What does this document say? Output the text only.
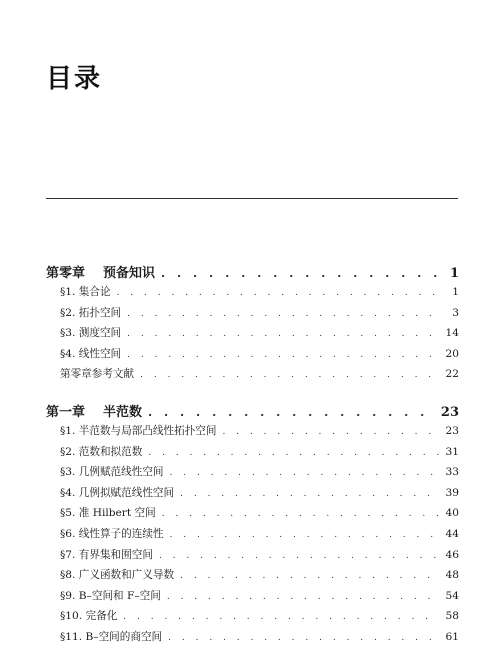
目录
第零章 预备知识 . . .	1
§1. 集合论 . . .	1
§2. 拓扑空间 . . .	3
§3. 测度空间 . . .	14
§4. 线性空间 . . .	20
第零章参考文献 . . .	22
第一章 半范数 . . .	23
§1. 半范数与局部凸线性拓扑空间 . . .	23
§2. 范数和拟范数 . . .	31
§3. 几例赋范线性空间 . . .	33
§4. 几例拟赋范线性空间 . . .	39
§5. 准 Hilbert 空间 . . .	40
§6. 线性算子的连续性 . . .	44
§7. 有界集和囿空间 . . .	46
§8. 广义函数和广义导数 . . .	48
§9. B–空间和 F–空间 . . .	54
§10. 完备化 . . .	58
§11. B–空间的商空间 . . .	61
